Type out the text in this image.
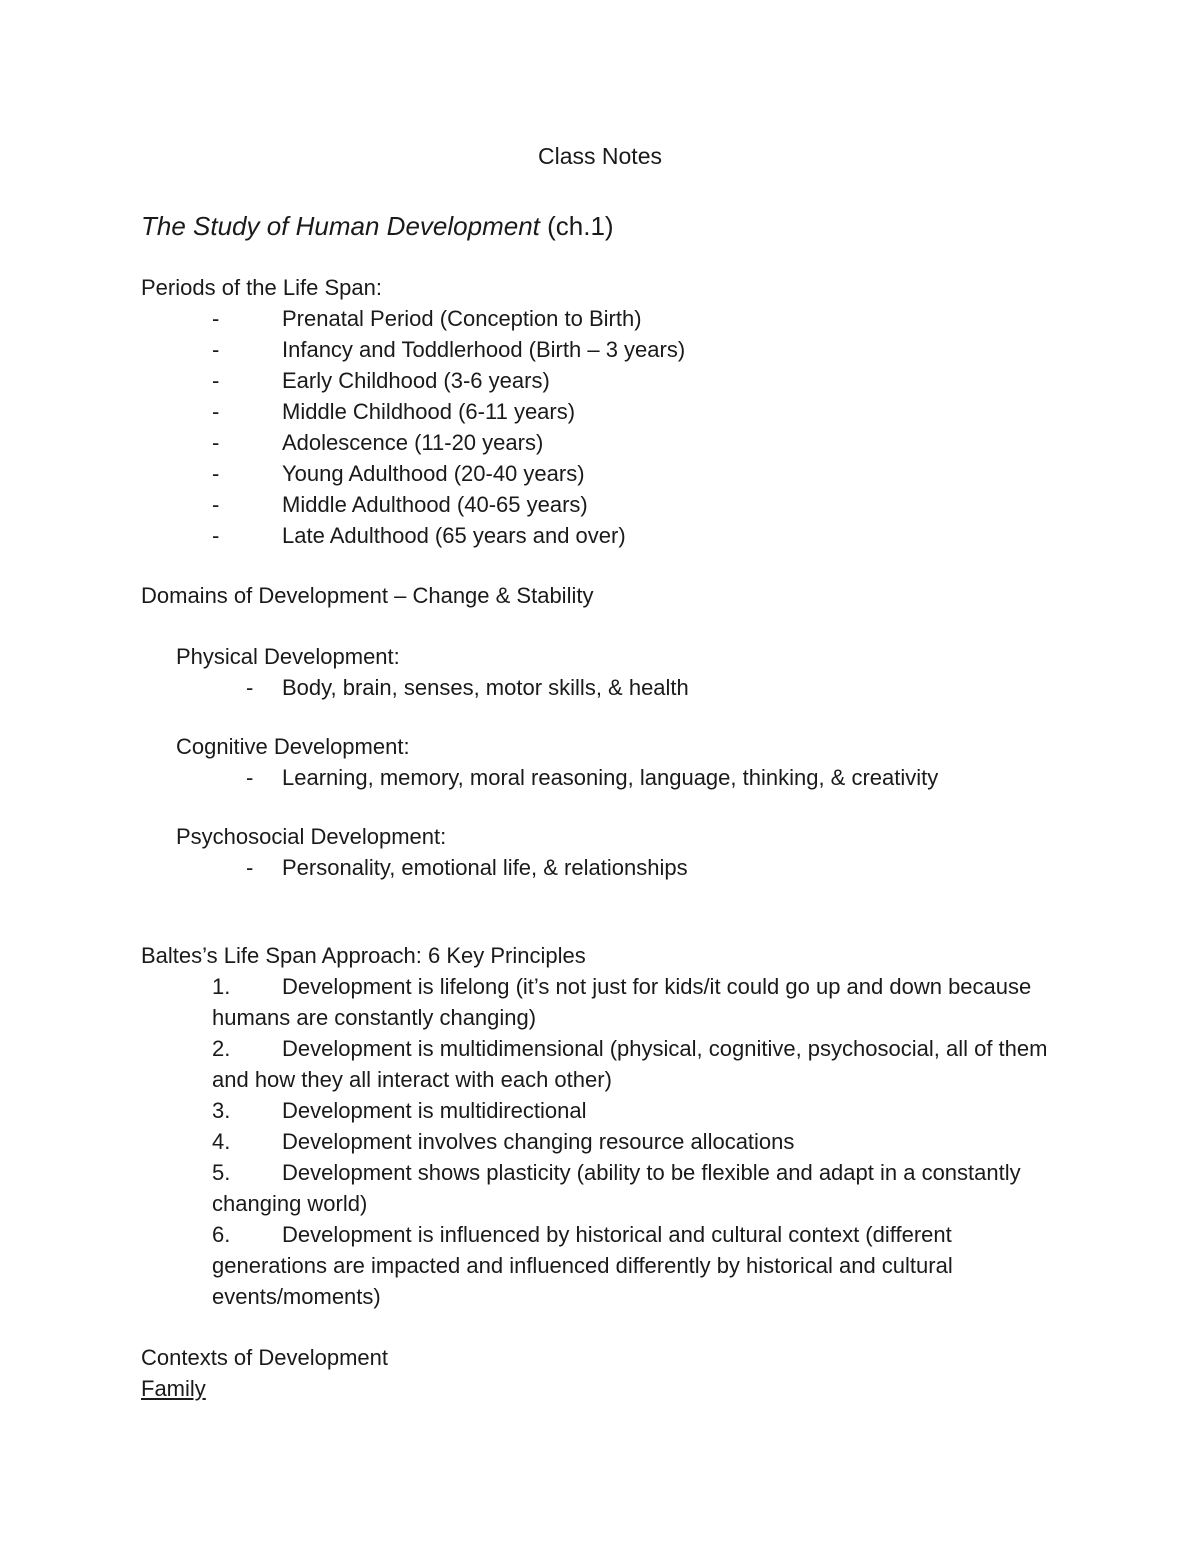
Class Notes
The Study of Human Development (ch.1)
Periods of the Life Span:
-	Prenatal Period (Conception to Birth)
-	Infancy and Toddlerhood (Birth – 3 years)
-	Early Childhood (3-6 years)
-	Middle Childhood (6-11 years)
-	Adolescence (11-20 years)
-	Young Adulthood (20-40 years)
-	Middle Adulthood (40-65 years)
-	Late Adulthood (65 years and over)
Domains of Development – Change & Stability
Physical Development:
- Body, brain, senses, motor skills, & health
Cognitive Development:
- Learning, memory, moral reasoning, language, thinking, & creativity
Psychosocial Development:
- Personality, emotional life, & relationships
Baltes’s Life Span Approach: 6 Key Principles
1. Development is lifelong (it’s not just for kids/it could go up and down because humans are constantly changing)
2. Development is multidimensional (physical, cognitive, psychosocial, all of them and how they all interact with each other)
3. Development is multidirectional
4. Development involves changing resource allocations
5. Development shows plasticity (ability to be flexible and adapt in a constantly changing world)
6. Development is influenced by historical and cultural context (different generations are impacted and influenced differently by historical and cultural events/moments)
Contexts of Development
Family
